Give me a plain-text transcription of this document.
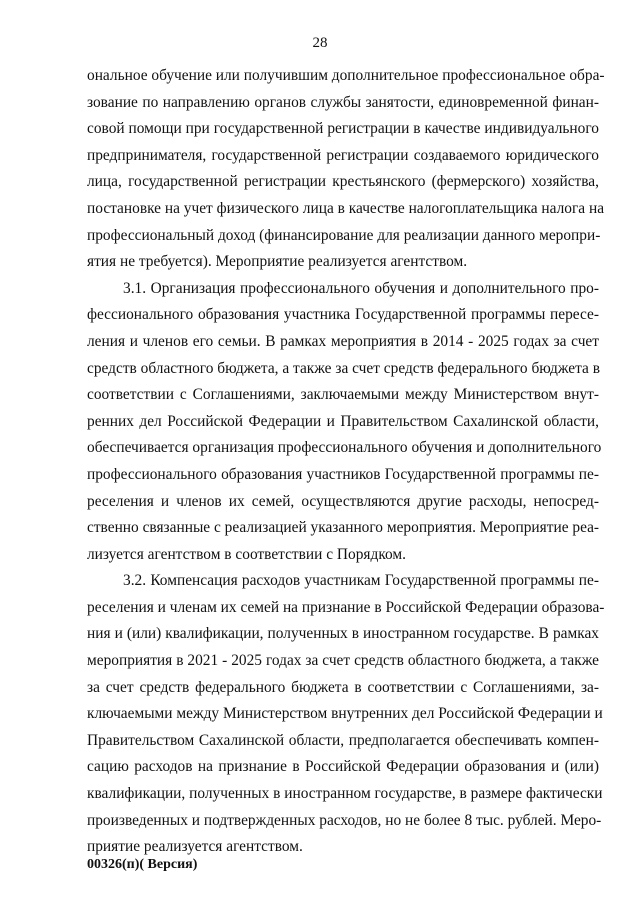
28
ональное обучение или получившим дополнительное профессиональное обра-
зование по направлению органов службы занятости, единовременной финан-
совой помощи при государственной регистрации в качестве индивидуального
предпринимателя, государственной регистрации создаваемого юридического
лица, государственной регистрации крестьянского (фермерского) хозяйства,
постановке на учет физического лица в качестве налогоплательщика налога на
профессиональный доход (финансирование для реализации данного меропри-
ятия не требуется). Мероприятие реализуется агентством.
3.1. Организация профессионального обучения и дополнительного про-
фессионального образования участника Государственной программы пересе-
ления и членов его семьи. В рамках мероприятия в 2014 - 2025 годах за счет
средств областного бюджета, а также за счет средств федерального бюджета в
соответствии с Соглашениями, заключаемыми между Министерством внут-
ренних дел Российской Федерации и Правительством Сахалинской области,
обеспечивается организация профессионального обучения и дополнительного
профессионального образования участников Государственной программы пе-
реселения и членов их семей, осуществляются другие расходы, непосред-
ственно связанные с реализацией указанного мероприятия. Мероприятие реа-
лизуется агентством в соответствии с Порядком.
3.2. Компенсация расходов участникам Государственной программы пе-
реселения и членам их семей на признание в Российской Федерации образова-
ния и (или) квалификации, полученных в иностранном государстве. В рамках
мероприятия в 2021 - 2025 годах за счет средств областного бюджета, а также
за счет средств федерального бюджета в соответствии с Соглашениями, за-
ключаемыми между Министерством внутренних дел Российской Федерации и
Правительством Сахалинской области, предполагается обеспечивать компен-
сацию расходов на признание в Российской Федерации образования и (или)
квалификации, полученных в иностранном государстве, в размере фактически
произведенных и подтвержденных расходов, но не более 8 тыс. рублей. Меро-
приятие реализуется агентством.
00326(п)( Версия)
